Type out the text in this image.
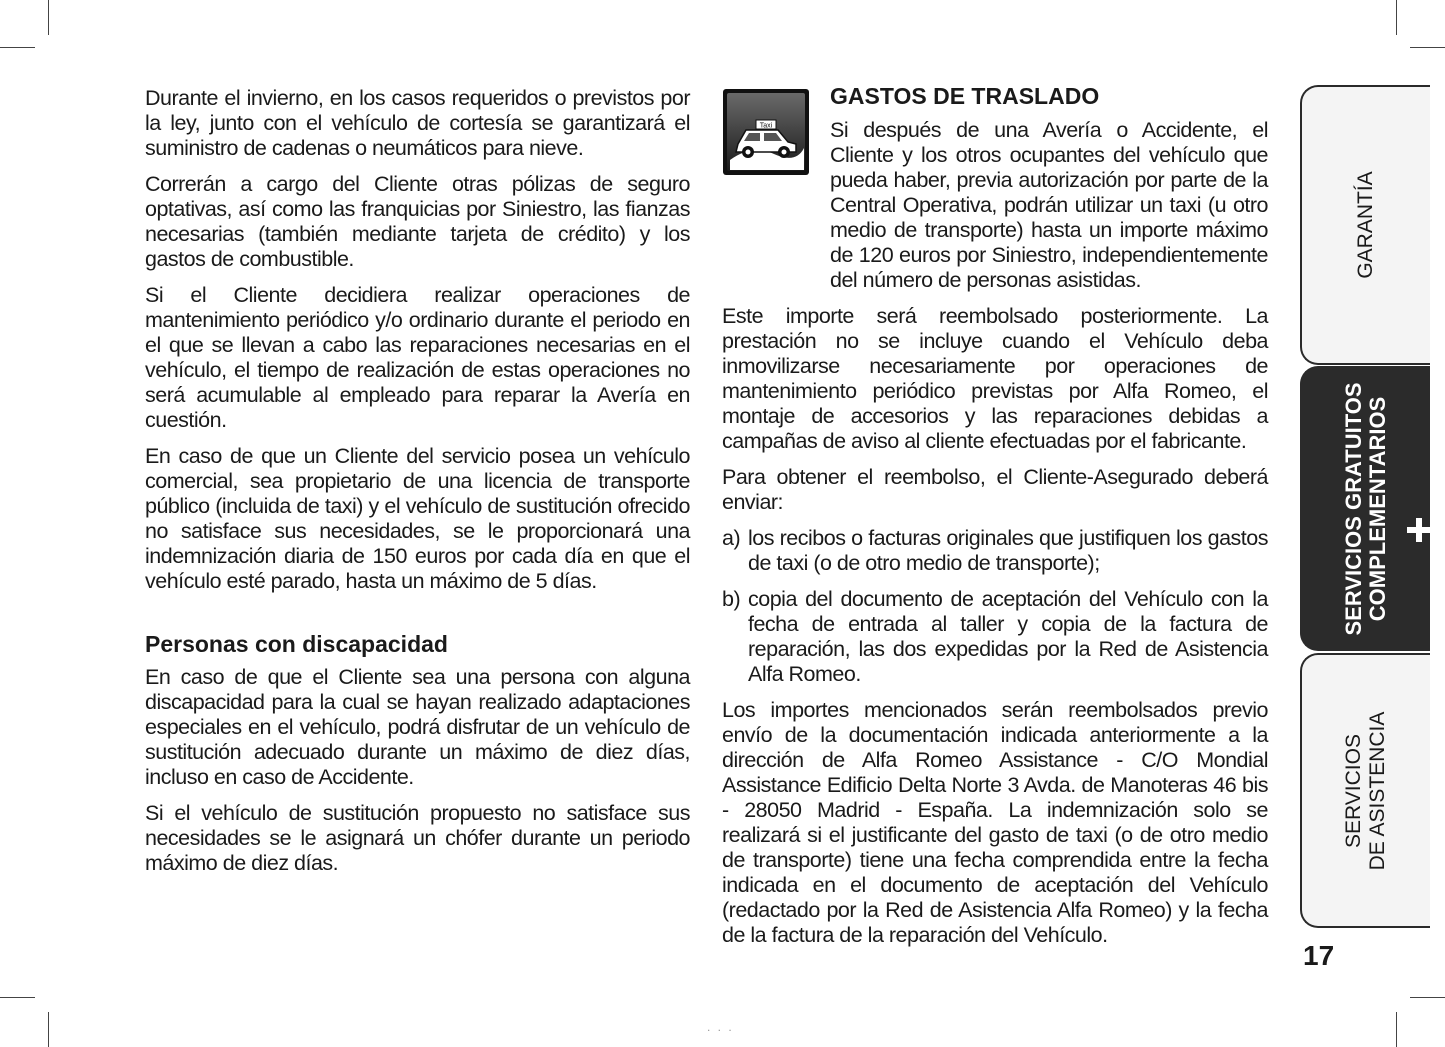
Durante el invierno, en los casos requeridos o previstos por la ley, junto con el vehículo de cortesía se garantizará el suministro de cadenas o neumáticos para nieve.

Correrán a cargo del Cliente otras pólizas de seguro optativas, así como las franquicias por Siniestro, las fianzas necesarias (también mediante tarjeta de crédito) y los gastos de combustible.

Si el Cliente decidiera realizar operaciones de mantenimiento periódico y/o ordinario durante el periodo en el que se llevan a cabo las reparaciones necesarias en el vehículo, el tiempo de realización de estas operaciones no será acumulable al empleado para reparar la Avería en cuestión.

En caso de que un Cliente del servicio posea un vehículo comercial, sea propietario de una licencia de transporte público (incluida de taxi) y el vehículo de sustitución ofrecido no satisface sus necesidades, se le proporcionará una indemnización diaria de 150 euros por cada día en que el vehículo esté parado, hasta un máximo de 5 días.

Personas con discapacidad

En caso de que el Cliente sea una persona con alguna discapacidad para la cual se hayan realizado adaptaciones especiales en el vehículo, podrá disfrutar de un vehículo de sustitución adecuado durante un máximo de diez días, incluso en caso de Accidente.

Si el vehículo de sustitución propuesto no satisface sus necesidades se le asignará un chófer durante un periodo máximo de diez días.

Taxi
GASTOS DE TRASLADO

Si después de una Avería o Accidente, el Cliente y los otros ocupantes del vehículo que pueda haber, previa autorización por parte de la Central Operativa, podrán utilizar un taxi (u otro medio de transporte) hasta un importe máximo de 120 euros por Siniestro, independientemente del número de personas asistidas.

Este importe será reembolsado posteriormente. La prestación no se incluye cuando el Vehículo deba inmovilizarse necesariamente por operaciones de mantenimiento periódico previstas por Alfa Romeo, el montaje de accesorios y las reparaciones debidas a campañas de aviso al cliente efectuadas por el fabricante.

Para obtener el reembolso, el Cliente-Asegurado deberá enviar:

a) los recibos o facturas originales que justifiquen los gastos de taxi (o de otro medio de transporte);
b) copia del documento de aceptación del Vehículo con la fecha de entrada al taller y copia de la factura de reparación, las dos expedidas por la Red de Asistencia Alfa Romeo.

Los importes mencionados serán reembolsados previo envío de la documentación indicada anteriormente a la dirección de Alfa Romeo Assistance - C/O Mondial Assistance Edificio Delta Norte 3 Avda. de Manoteras 46 bis - 28050 Madrid - España. La indemnización solo se realizará si el justificante del gasto de taxi (o de otro medio de transporte) tiene una fecha comprendida entre la fecha indicada en el documento de aceptación del Vehículo (redactado por la Red de Asistencia Alfa Romeo) y la fecha de la factura de la reparación del Vehículo.

GARANTÍA
SERVICIOS GRATUITOS COMPLEMENTARIOS
SERVICIOS DE ASISTENCIA
17
. . .
